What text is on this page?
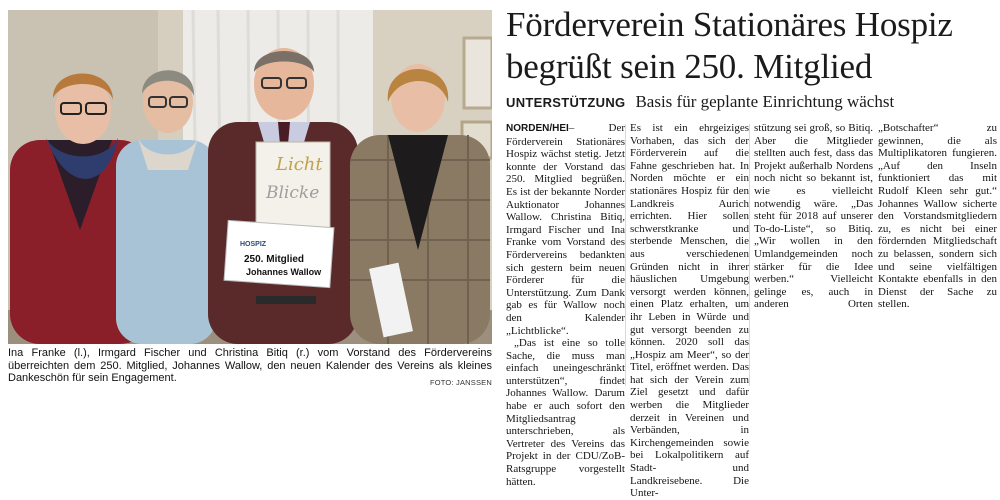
Licht
Blicke
HOSPIZ
250. Mitglied
Johannes Wallow
Ina Franke (l.), Irmgard Fischer und Christina Bitiq (r.) vom Vorstand des Fördervereins überreichten dem 250. Mitglied, Johannes Wallow, den neuen Kalender des Vereins als kleines Dankeschön für sein Engagement.	FOTO: JANSSEN
Förderverein Stationäres Hospiz
begrüßt sein 250. Mitglied
UNTERSTÜTZUNG Basis für geplante Einrichtung wächst

NORDEN/HEI– Der Förderverein Stationäres Hospiz wächst stetig. Jetzt konnte der Vorstand das 250. Mitglied begrüßen. Es ist der bekannte Norder Auktionator Johannes Wallow. Christina Bitiq, Irmgard Fischer und Ina Franke vom Vorstand des Fördervereins bedankten sich gestern beim neuen Förderer für die Unterstützung. Zum Dank gab es für Wallow noch den Kalender „Lichtblicke“.

„Das ist eine so tolle Sache, die muss man einfach uneingeschränkt unterstützen“, findet Johannes Wallow. Darum habe er auch sofort den Mitgliedsantrag unterschrieben, als Vertreter des Vereins das Projekt in der CDU/ZoB-Ratsgruppe vorgestellt hätten.

Es ist ein ehrgeiziges Vorhaben, das sich der Förderverein auf die Fahne geschrieben hat. In Norden möchte er ein stationäres Hospiz für den Landkreis Aurich errichten. Hier sollen schwerstkranke und sterbende Menschen, die aus verschiedenen Gründen nicht in ihrer häuslichen Umgebung versorgt werden können, einen Platz erhalten, um ihr Leben in Würde und gut versorgt beenden zu können. 2020 soll das „Hospiz am Meer“, so der Titel, eröffnet werden. Das hat sich der Verein zum Ziel gesetzt und dafür werben die Mitglieder derzeit in Vereinen und Verbänden, in Kirchengemeinden sowie bei Lokalpolitikern auf Stadt- und Landkreisebene. Die Unter-

stützung sei groß, so Bitiq. Aber die Mitglieder stellten auch fest, dass das Projekt außerhalb Nordens noch nicht so bekannt ist, wie es vielleicht notwendig wäre. „Das steht für 2018 auf unserer To-do-Liste“, so Bitiq. „Wir wollen in den Umlandgemeinden noch stärker für die Idee werben.“ Vielleicht gelinge es, auch in anderen Orten „Botschafter“ zu gewinnen, die als Multiplikatoren fungieren. „Auf den Inseln funktioniert das mit Rudolf Kleen sehr gut.“ Johannes Wallow sicherte den Vorstandsmitgliedern zu, es nicht bei einer fördernden Mitgliedschaft zu belassen, sondern sich und seine vielfältigen Kontakte ebenfalls in den Dienst der Sache zu stellen.
